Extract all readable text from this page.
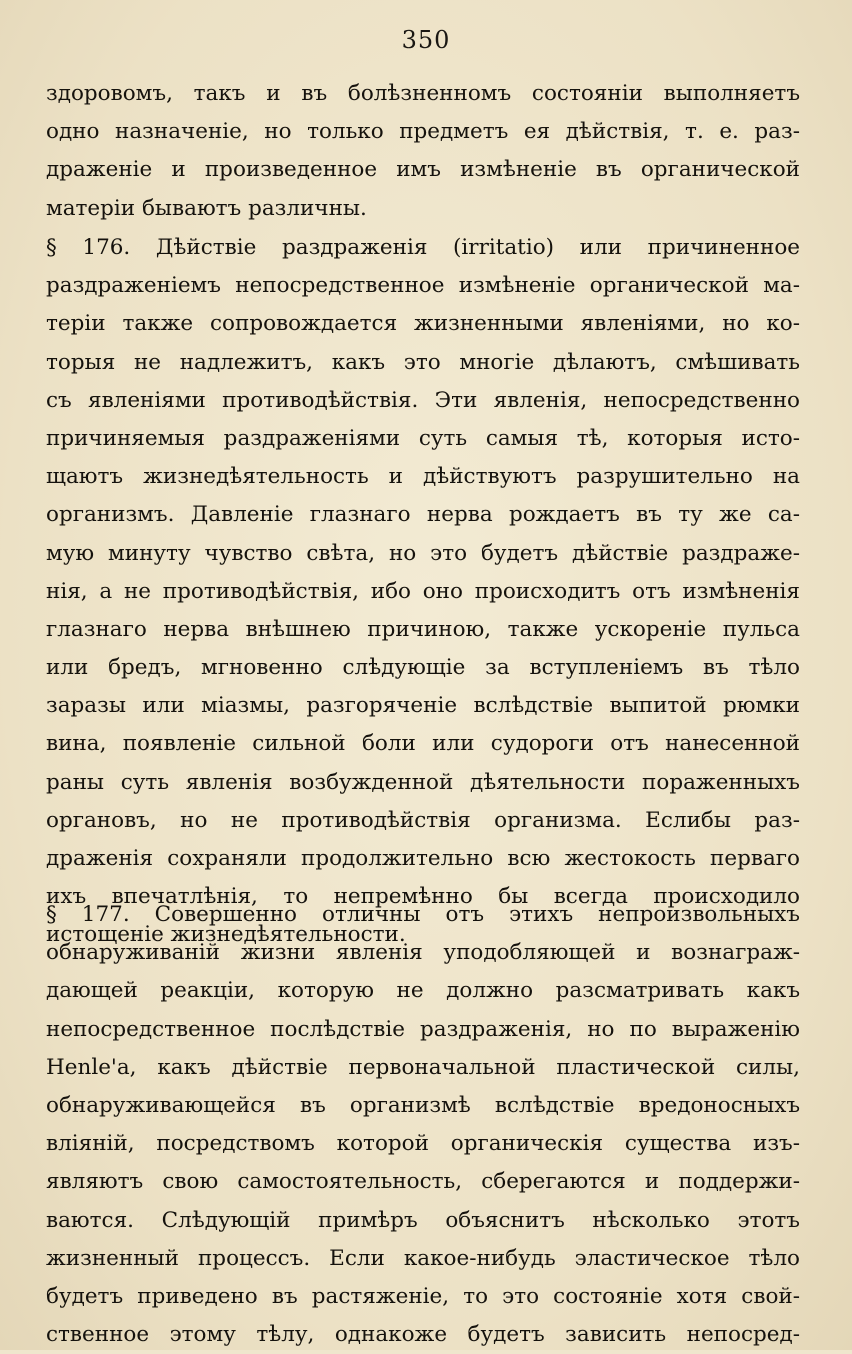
350
здоровомъ, такъ и въ болѣзненномъ состояніи выполняетъ
одно назначеніе, но только предметъ ея дѣйствія, т. е. раз-
драженіе и произведенное имъ измѣненіе въ органической
матеріи бываютъ различны.
§ 176. Дѣйствіе раздраженія (irritatio) или причиненное
раздраженіемъ непосредственное измѣненіе органической ма-
теріи также сопровождается жизненными явленіями, но ко-
торыя не надлежитъ, какъ это многіе дѣлаютъ, смѣшивать
съ явленіями противодѣйствія. Эти явленія, непосредственно
причиняемыя раздраженіями суть самыя тѣ, которыя исто-
щаютъ жизнедѣятельность и дѣйствуютъ разрушительно на
организмъ. Давленіе глазнаго нерва рождаетъ въ ту же са-
мую минуту чувство свѣта, но это будетъ дѣйствіе раздраже-
нія, а не противодѣйствія, ибо оно происходитъ отъ измѣненія
глазнаго нерва внѣшнею причиною, также ускореніе пульса
или бредъ, мгновенно слѣдующіе за вступленіемъ въ тѣло
заразы или міазмы, разгоряченіе вслѣдствіе выпитой рюмки
вина, появленіе сильной боли или судороги отъ нанесенной
раны суть явленія возбужденной дѣятельности пораженныхъ
органовъ, но не противодѣйствія организма. Еслибы раз-
драженія сохраняли продолжительно всю жестокость перваго
ихъ впечатлѣнія, то непремѣнно бы всегда происходило
истощеніе жизнедѣятельности.
§ 177. Совершенно отличны отъ этихъ непроизвольныхъ
обнаруживаній жизни явленія уподобляющей и вознаграж-
дающей реакціи, которую не должно разсматривать какъ
непосредственное послѣдствіе раздраженія, но по выраженію
Henle'a, какъ дѣйствіе первоначальной пластической силы,
обнаруживающейся въ организмѣ вслѣдствіе вредоносныхъ
вліяній, посредствомъ которой органическія существа изъ-
являютъ свою самостоятельность, сберегаются и поддержи-
ваются. Слѣдующій примѣръ объяснитъ нѣсколько этотъ
жизненный процессъ. Если какое-нибудь эластическое тѣло
будетъ приведено въ растяженіе, то это состояніе хотя свой-
ственное этому тѣлу, однакоже будетъ зависить непосред-
